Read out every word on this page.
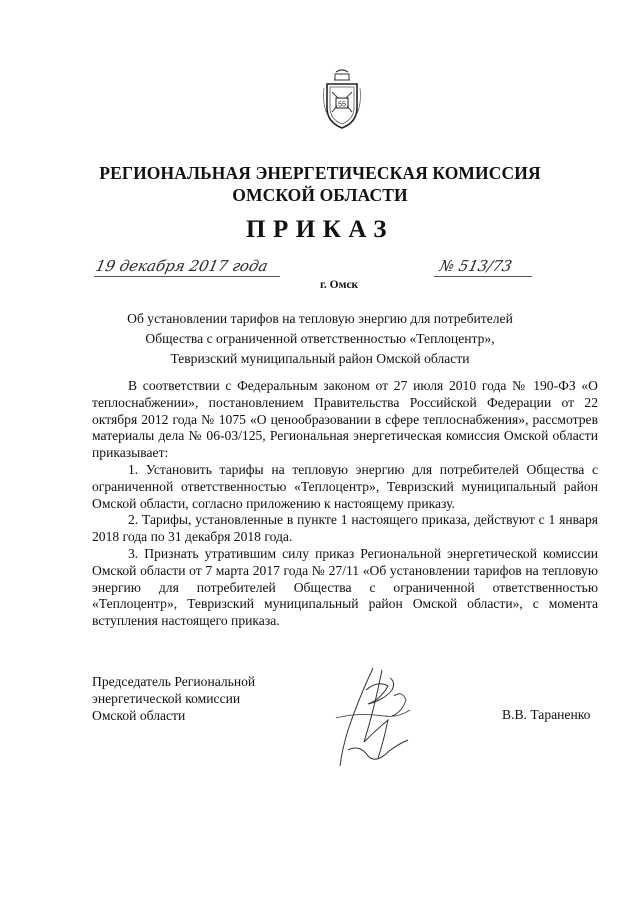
55
РЕГИОНАЛЬНАЯ ЭНЕРГЕТИЧЕСКАЯ КОМИССИЯ
ОМСКОЙ ОБЛАСТИ
ПРИКАЗ
19 декабря 2017 года	№ 513/73
г. Омск
Об установлении тарифов на тепловую энергию для потребителей
Общества с ограниченной ответственностью «Теплоцентр»,
Тевризский муниципальный район Омской области

В соответствии с Федеральным законом от 27 июля 2010 года № 190-ФЗ «О теплоснабжении», постановлением Правительства Российской Федерации от 22 октября 2012 года № 1075 «О ценообразовании в сфере теплоснабжения», рассмотрев материалы дела № 06-03/125, Региональная энергетическая комиссия Омской области приказывает:

1. Установить тарифы на тепловую энергию для потребителей Общества с ограниченной ответственностью «Теплоцентр», Тевризский муниципальный район Омской области, согласно приложению к настоящему приказу.

2. Тарифы, установленные в пункте 1 настоящего приказа, действуют с 1 января 2018 года по 31 декабря 2018 года.

3. Признать утратившим силу приказ Региональной энергетической комиссии Омской области от 7 марта 2017 года № 27/11 «Об установлении тарифов на тепловую энергию для потребителей Общества с ограниченной ответственностью «Теплоцентр», Тевризский муниципальный район Омской области», с момента вступления настоящего приказа.

Председатель Региональной
энергетической комиссии
Омской области	В.В. Тараненко
